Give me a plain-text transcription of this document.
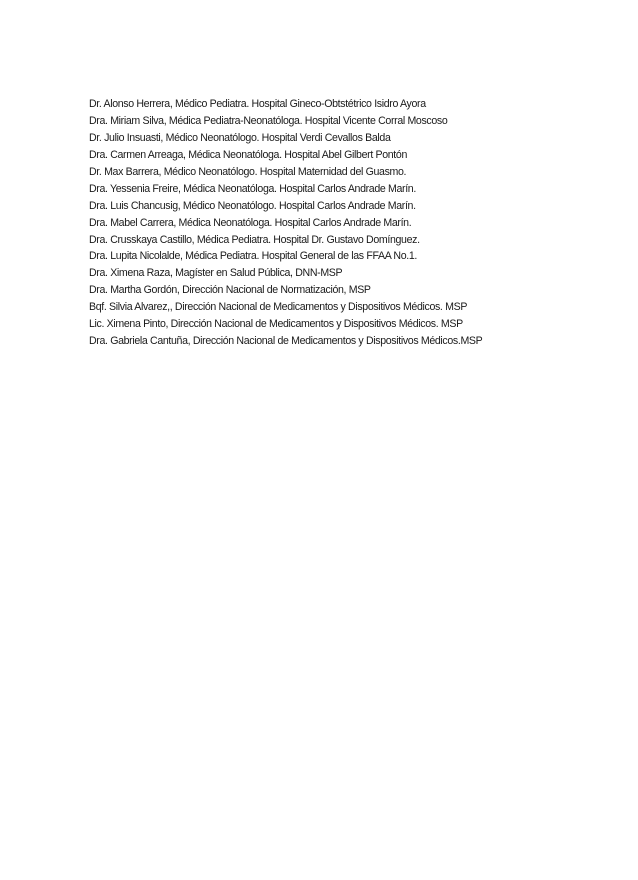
Dr. Alonso Herrera, Médico Pediatra. Hospital Gineco-Obtstétrico Isidro Ayora
Dra. Miriam Silva, Médica Pediatra-Neonatóloga. Hospital Vicente Corral Moscoso
Dr. Julio Insuasti, Médico Neonatólogo. Hospital Verdi Cevallos Balda
Dra. Carmen Arreaga, Médica Neonatóloga. Hospital Abel Gilbert Pontón
Dr. Max Barrera, Médico Neonatólogo. Hospital Maternidad del Guasmo.
Dra. Yessenia Freire, Médica Neonatóloga. Hospital Carlos Andrade Marín.
Dra. Luis Chancusig, Médico Neonatólogo. Hospital Carlos Andrade Marín.
Dra. Mabel Carrera, Médica Neonatóloga. Hospital Carlos Andrade Marín.
Dra. Crusskaya Castillo, Médica Pediatra. Hospital Dr. Gustavo Domínguez.
Dra. Lupita Nicolalde, Médica Pediatra. Hospital General de las FFAA No.1.
Dra. Ximena Raza, Magíster en Salud Pública, DNN-MSP
Dra. Martha Gordón, Dirección Nacional de Normatización, MSP
Bqf. Silvia Alvarez,, Dirección Nacional de Medicamentos y Dispositivos Médicos. MSP
Lic. Ximena Pinto, Dirección Nacional de Medicamentos y Dispositivos Médicos. MSP
Dra. Gabriela Cantuña, Dirección Nacional de Medicamentos y Dispositivos Médicos.MSP
